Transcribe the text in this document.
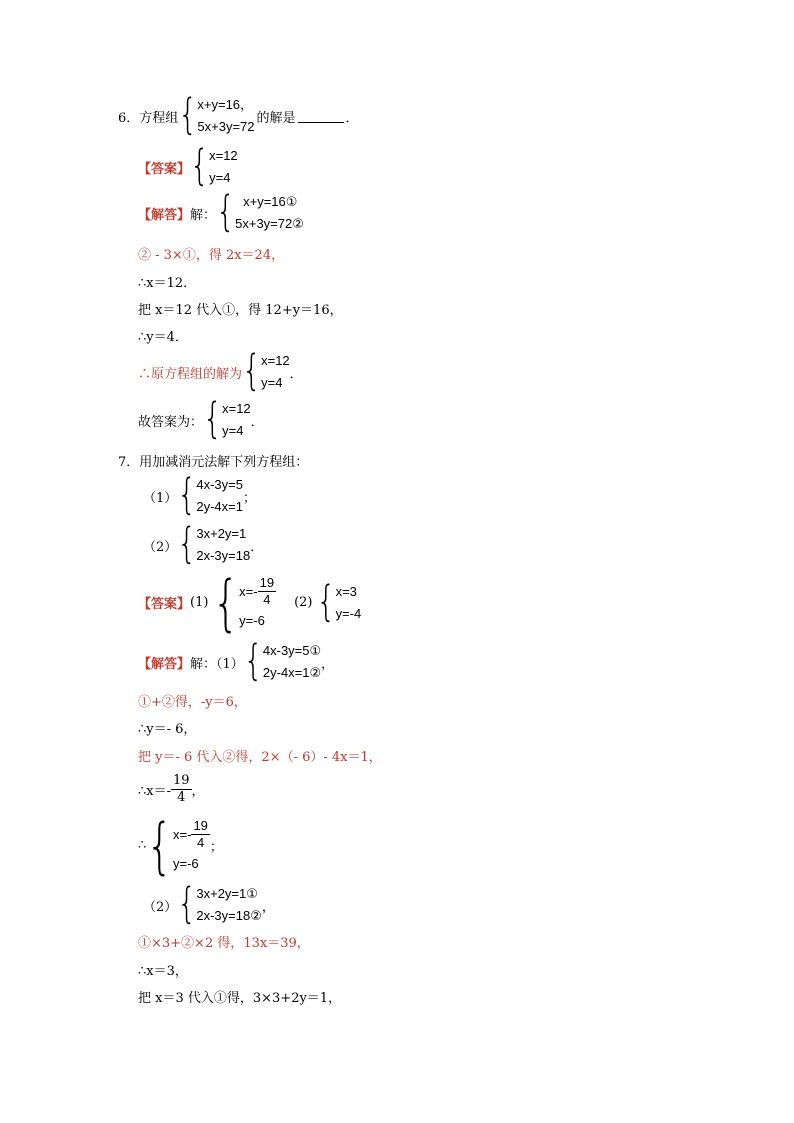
6． 方程组 { x+y=16，
5x+3y=72
的解是	．
【答案】 { x=12
y=4
【解答】 解： { x+y=16①
5x+3y=72②
② - 3×①，得 2x＝24，
∴x＝12．
把 x＝12 代入①，得 12+y＝16，
∴y＝4．
∴原方程组的解为 { x=12
y=4
．
故答案为： { x=12
y=4
．
7． 用加减消元法解下列方程组：
（1） { 4x-3y=5
2y-4x=1
；
（2） { 3x+2y=1
2x-3y=18
．
【答案】 (1) { $x=- \frac{19}{4}$
y=-6
(2) { x=3
y=-4
【解答】 解：（1） { 4x-3y=5①
2y-4x=1②
，
①+②得，-y＝6，
∴y＝- 6，
把 y＝- 6 代入②得，2×（- 6）- 4x＝1，
∴x＝- $\frac{19}{4}$ ，
∴ { $x=- \frac{19}{4}$
y=-6
；
（2） { 3x+2y=1①
2x-3y=18②
，
①×3+②×2 得，13x＝39，
∴x＝3，
把 x＝3 代入①得，3×3+2y＝1，
